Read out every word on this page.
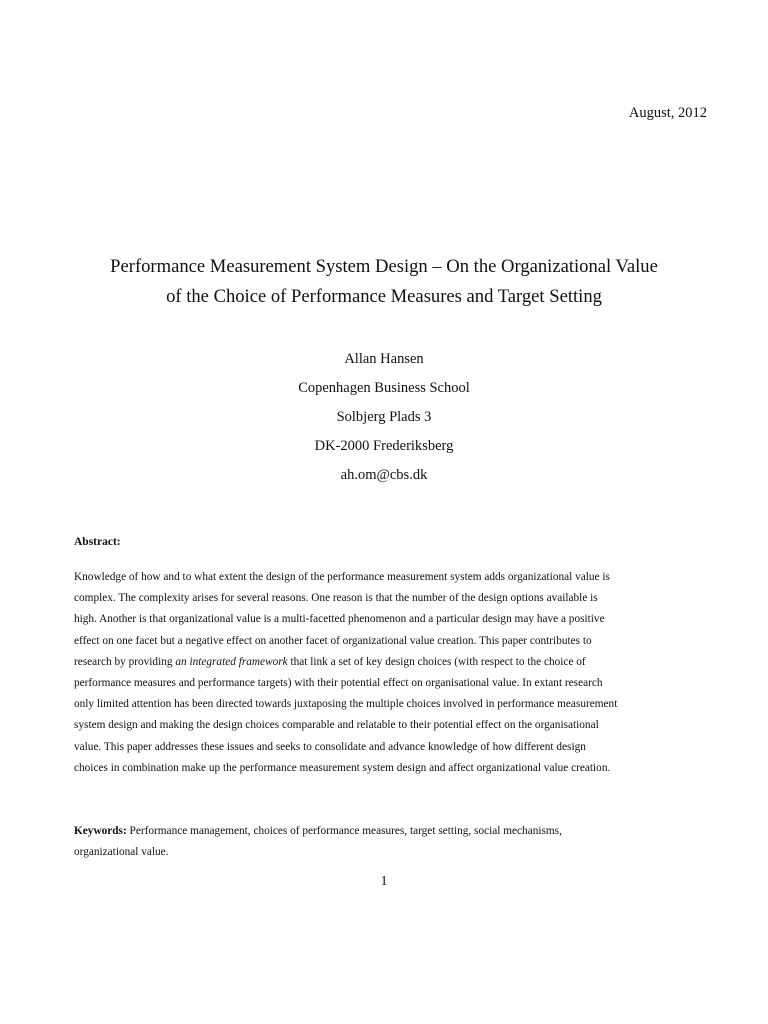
August, 2012
Performance Measurement System Design – On the Organizational Value
of the Choice of Performance Measures and Target Setting
Allan Hansen
Copenhagen Business School
Solbjerg Plads 3
DK-2000 Frederiksberg
ah.om@cbs.dk
Abstract:
Knowledge of how and to what extent the design of the performance measurement system adds organizational value is
complex. The complexity arises for several reasons. One reason is that the number of the design options available is
high. Another is that organizational value is a multi-facetted phenomenon and a particular design may have a positive
effect on one facet but a negative effect on another facet of organizational value creation. This paper contributes to
research by providing an integrated framework that link a set of key design choices (with respect to the choice of
performance measures and performance targets) with their potential effect on organisational value. In extant research
only limited attention has been directed towards juxtaposing the multiple choices involved in performance measurement
system design and making the design choices comparable and relatable to their potential effect on the organisational
value. This paper addresses these issues and seeks to consolidate and advance knowledge of how different design
choices in combination make up the performance measurement system design and affect organizational value creation.
Keywords: Performance management, choices of performance measures, target setting, social mechanisms,
organizational value.
1
